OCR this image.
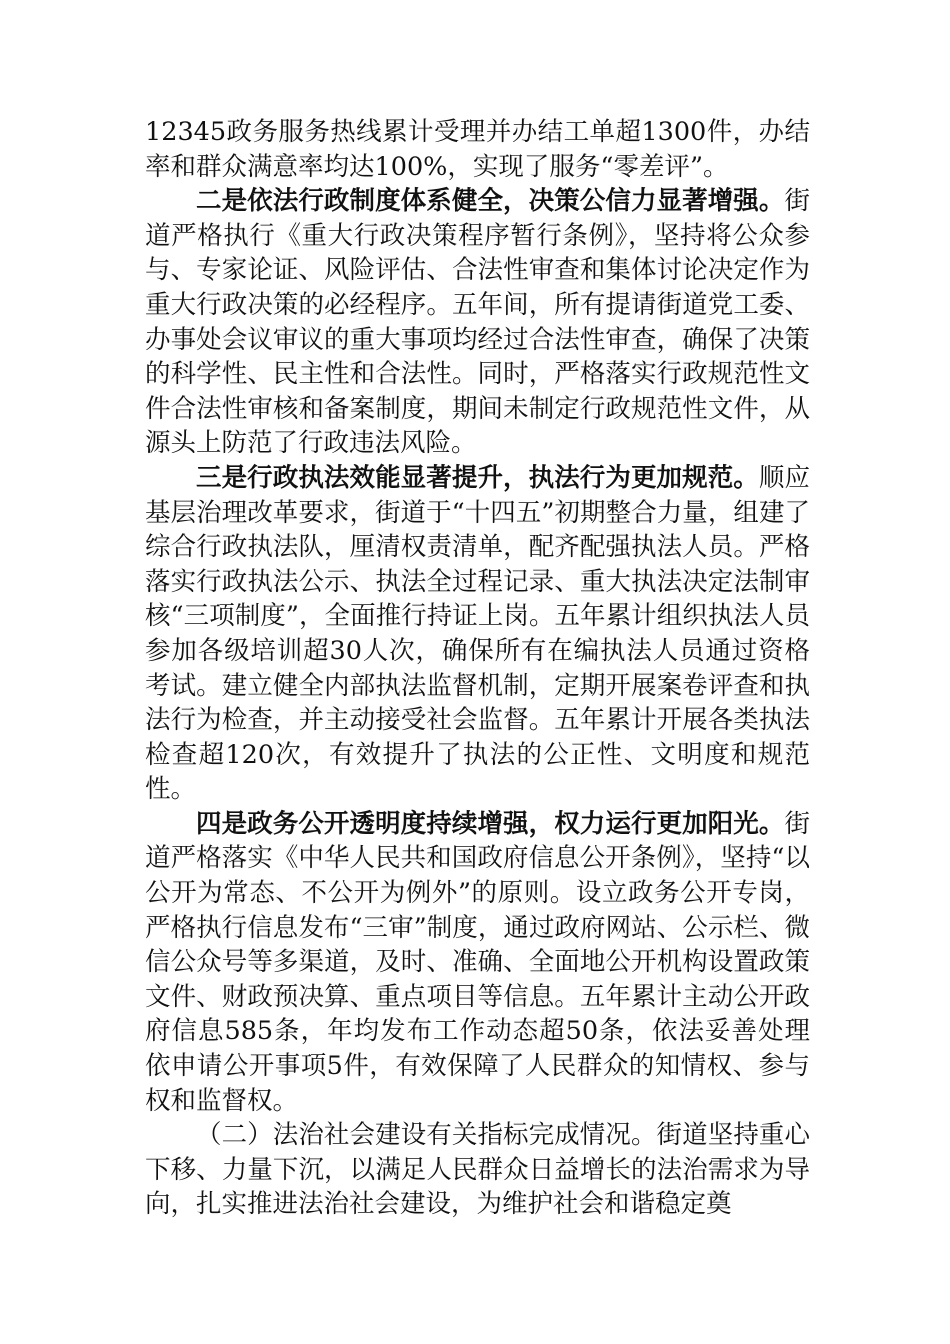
12345政务服务热线累计受理并办结工单超1300件，办结率和群众满意率均达100%，实现了服务“零差评”。

二是依法行政制度体系健全，决策公信力显著增强。街道严格执行《重大行政决策程序暂行条例》，坚持将公众参与、专家论证、风险评估、合法性审查和集体讨论决定作为重大行政决策的必经程序。五年间，所有提请街道党工委、办事处会议审议的重大事项均经过合法性审查，确保了决策的科学性、民主性和合法性。同时，严格落实行政规范性文件合法性审核和备案制度，期间未制定行政规范性文件，从源头上防范了行政违法风险。

三是行政执法效能显著提升，执法行为更加规范。顺应基层治理改革要求，街道于“十四五”初期整合力量，组建了综合行政执法队，厘清权责清单，配齐配强执法人员。严格落实行政执法公示、执法全过程记录、重大执法决定法制审核“三项制度”，全面推行持证上岗。五年累计组织执法人员参加各级培训超30人次，确保所有在编执法人员通过资格考试。建立健全内部执法监督机制，定期开展案卷评查和执法行为检查，并主动接受社会监督。五年累计开展各类执法检查超120次，有效提升了执法的公正性、文明度和规范性。

四是政务公开透明度持续增强，权力运行更加阳光。街道严格落实《中华人民共和国政府信息公开条例》，坚持“以公开为常态、不公开为例外”的原则。设立政务公开专岗，严格执行信息发布“三审”制度，通过政府网站、公示栏、微信公众号等多渠道，及时、准确、全面地公开机构设置政策文件、财政预决算、重点项目等信息。五年累计主动公开政府信息585条，年均发布工作动态超50条，依法妥善处理依申请公开事项5件，有效保障了人民群众的知情权、参与权和监督权。

（二）法治社会建设有关指标完成情况。街道坚持重心下移、力量下沉，以满足人民群众日益增长的法治需求为导向，扎实推进法治社会建设，为维护社会和谐稳定奠
